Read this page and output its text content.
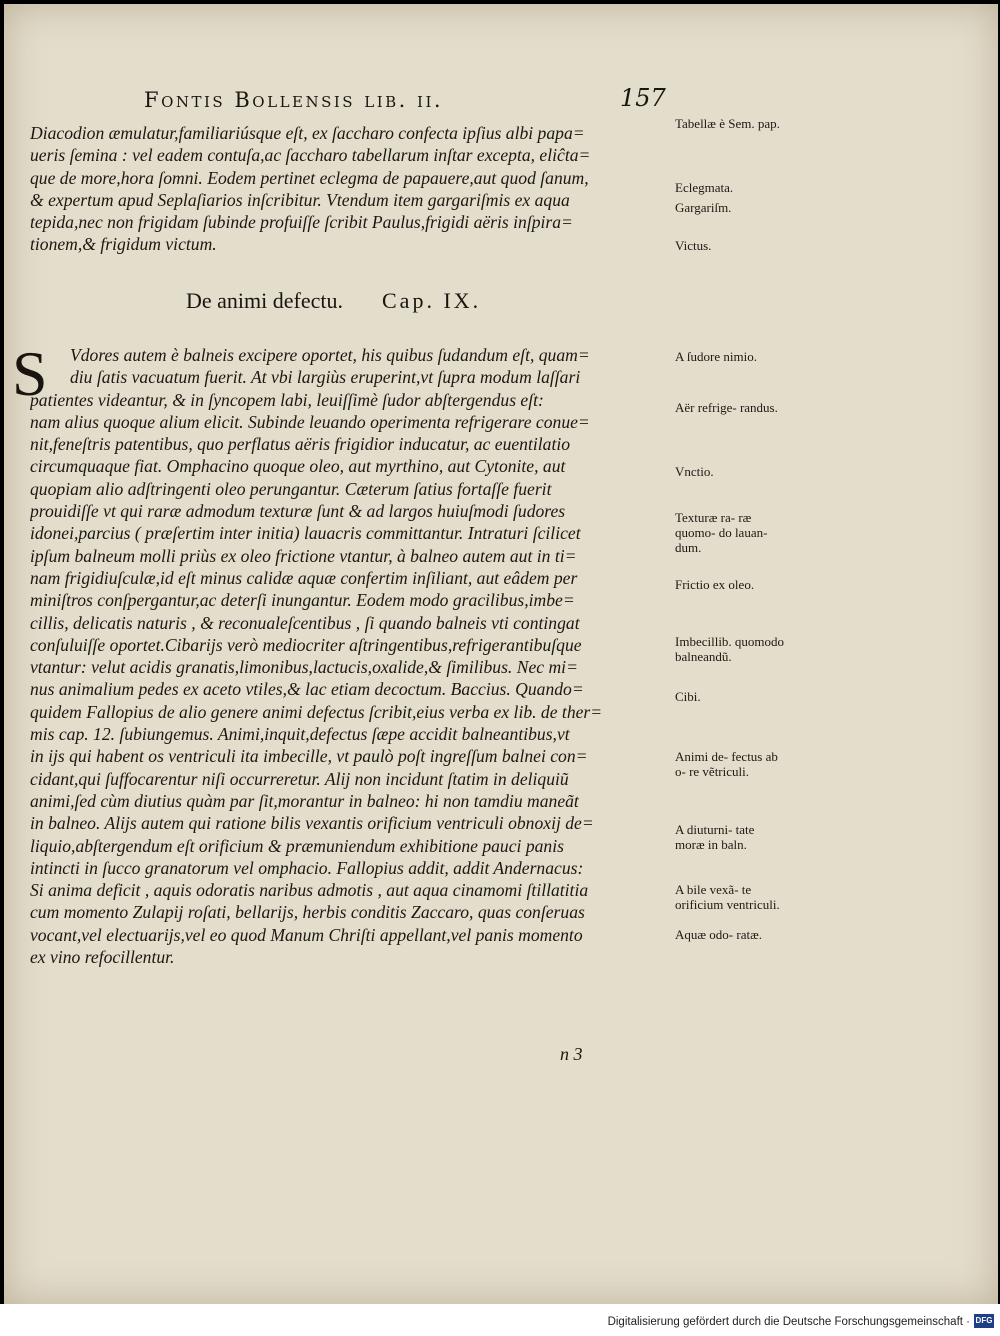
Fontis Bollensis lib. ii.	157
Diacodion æmulatur,familiariúsque eſt, ex ſaccharo confecta ipſius albi papa=
ueris ſemina : vel eadem contuſa,ac ſaccharo tabellarum inſtar excepta, eliĉta=
que de more,hora ſomni. Eodem pertinet eclegma de papauere,aut quod ſanum,
& expertum apud Seplaſiarios inſcribitur. Vtendum item gargariſmis ex aqua
tepida,nec non frigidam ſubinde profuiſſe ſcribit Paulus,frigidi aëris inſpira=
tionem,& frigidum victum.
De animi defectu. Cap. IX.
S	Vdores autem è balneis excipere oportet, his quibus ſudandum eſt, quam=
diu ſatis vacuatum fuerit. At vbi largiùs eruperint,vt ſupra modum laſſari
patientes videantur, & in ſyncopem labi, leuiſſimè ſudor abſtergendus eſt:
nam alius quoque alium elicit. Subinde leuando operimenta refrigerare conue=
nit,feneſtris patentibus, quo perflatus aëris frigidior inducatur, ac euentilatio
circumquaque fiat. Omphacino quoque oleo, aut myrthino, aut Cytonite, aut
quopiam alio adſtringenti oleo perungantur. Cæterum ſatius fortaſſe fuerit
prouidiſſe vt qui raræ admodum texturæ ſunt & ad largos huiuſmodi ſudores
idonei,parcius ( præſertim inter initia) lauacris committantur. Intraturi ſcilicet
ipſum balneum molli priùs ex oleo frictione vtantur, à balneo autem aut in ti=
nam frigidiuſculæ,id eſt minus calidæ aquæ confertim inſiliant, aut eâdem per
miniſtros conſpergantur,ac deterſi inungantur. Eodem modo gracilibus,imbe=
cillis, delicatis naturis , & reconualeſcentibus , ſi quando balneis vti contingat
conſuluiſſe oportet.Cibarijs verò mediocriter aſtringentibus,refrigerantibuſque
vtantur: velut acidis granatis,limonibus,lactucis,oxalide,& ſimilibus. Nec mi=
nus animalium pedes ex aceto vtiles,& lac etiam decoctum. Baccius. Quando=
quidem Fallopius de alio genere animi defectus ſcribit,eius verba ex lib. de ther=
mis cap. 12. ſubiungemus. Animi,inquit,defectus ſæpe accidit balneantibus,vt
in ijs qui habent os ventriculi ita imbecille, vt paulò poſt ingreſſum balnei con=
cidant,qui ſuffocarentur niſi occurreretur. Alij non incidunt ſtatim in deliquiũ
animi,ſed cùm diutius quàm par ſit,morantur in balneo: hi non tamdiu maneãt
in balneo. Alijs autem qui ratione bilis vexantis orificium ventriculi obnoxij de=
liquio,abſtergendum eſt orificium & præmuniendum exhibitione pauci panis
intincti in ſucco granatorum vel omphacio. Fallopius addit, addit Andernacus:
Si anima deficit , aquis odoratis naribus admotis , aut aqua cinamomi ſtillatitia
cum momento Zulapij roſati, bellarijs, herbis conditis Zaccaro, quas conſeruas
vocant,vel electuarijs,vel eo quod Manum Chriſti appellant,vel panis momento
ex vino refocillentur.
Tabellæ è Sem. pap.
Eclegmata.
Gargariſm.
Victus.
A ſudore nimio.
Aër refrige- randus.
Vnctio.
Texturæ ra- ræ quomo- do lauan- dum.
Frictio ex oleo.
Imbecillib. quomodo balneandũ.
Cibi.
Animi de- fectus ab o- re vẽtriculi.
A diuturni- tate moræ in baln.
A bile vexã- te orificium ventriculi.
Aquæ odo- ratæ.
n 3
Digitalisierung gefördert durch die Deutsche Forschungsgemeinschaft · DFG
